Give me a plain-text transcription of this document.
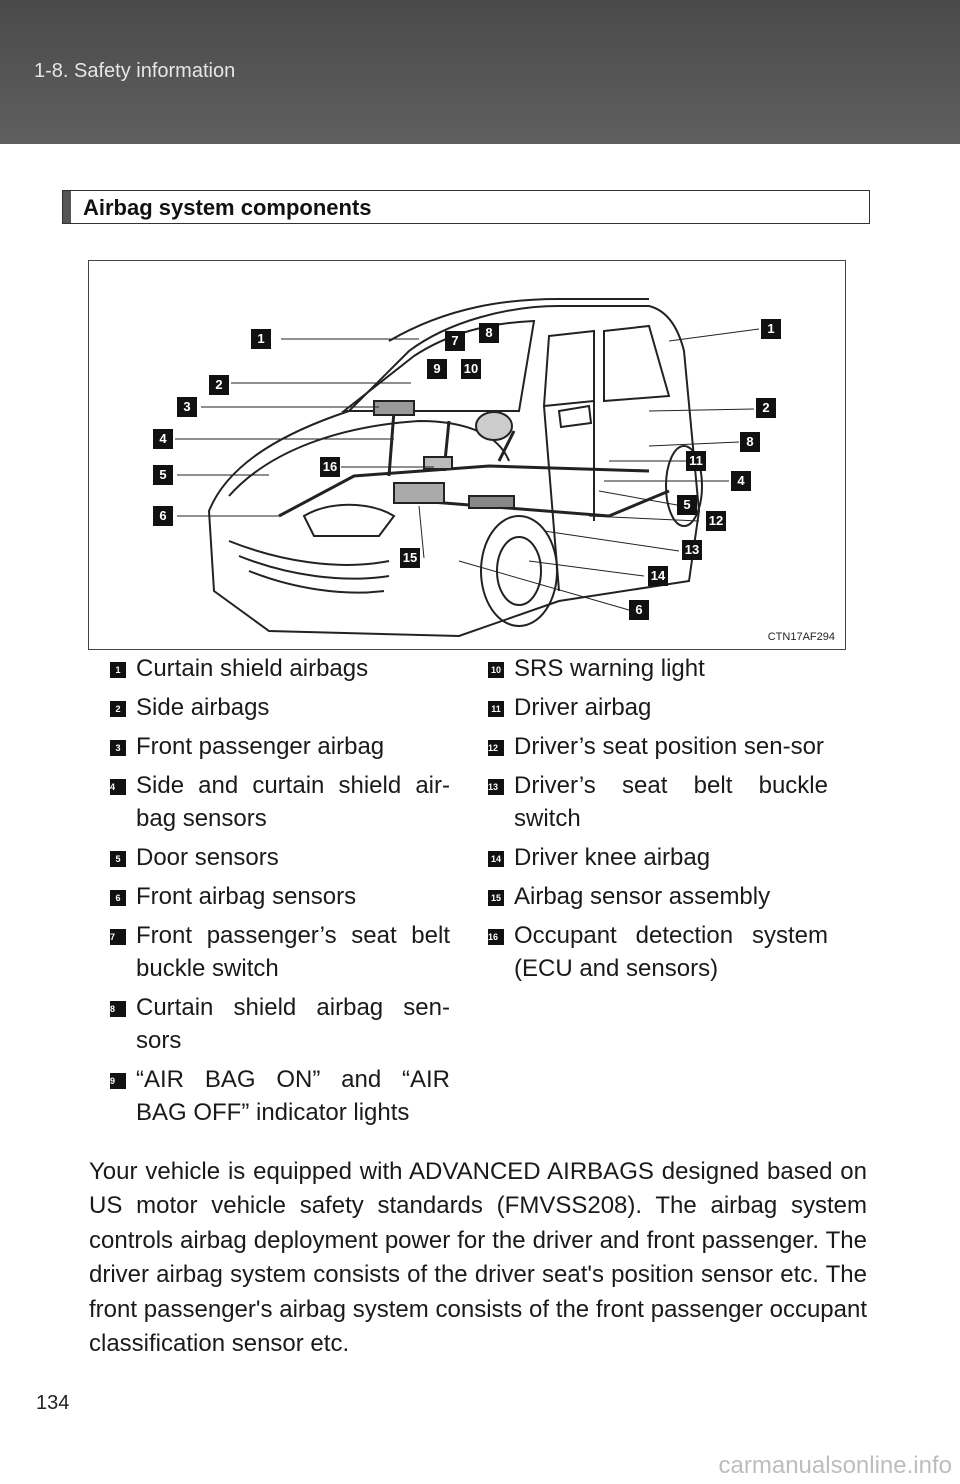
1-8. Safety information
Airbag system components
1
1
2
2
3
4
4
5
5
6
6
7
8
8
9	10
11
12
13
14
15
16
CTN17AF294
1 Curtain shield airbags
2 Side airbags
3 Front passenger airbag
4 Side and curtain shield air-bag sensors
5 Door sensors
6 Front airbag sensors
7 Front passenger’s seat belt buckle switch
8 Curtain shield airbag sen-sors
9 “AIR BAG ON” and “AIR BAG OFF” indicator lights
10 SRS warning light
11 Driver airbag
12 Driver’s seat position sen-sor
13 Driver’s seat belt buckle switch
14 Driver knee airbag
15 Airbag sensor assembly
16 Occupant detection system (ECU and sensors)
Your vehicle is equipped with ADVANCED AIRBAGS designed based on US motor vehicle safety standards (FMVSS208). The airbag system controls airbag deployment power for the driver and front passenger. The driver airbag system consists of the driver seat's position sensor etc. The front passenger's airbag system consists of the front passenger occupant classification sensor etc.
134
carmanualsonline.info
